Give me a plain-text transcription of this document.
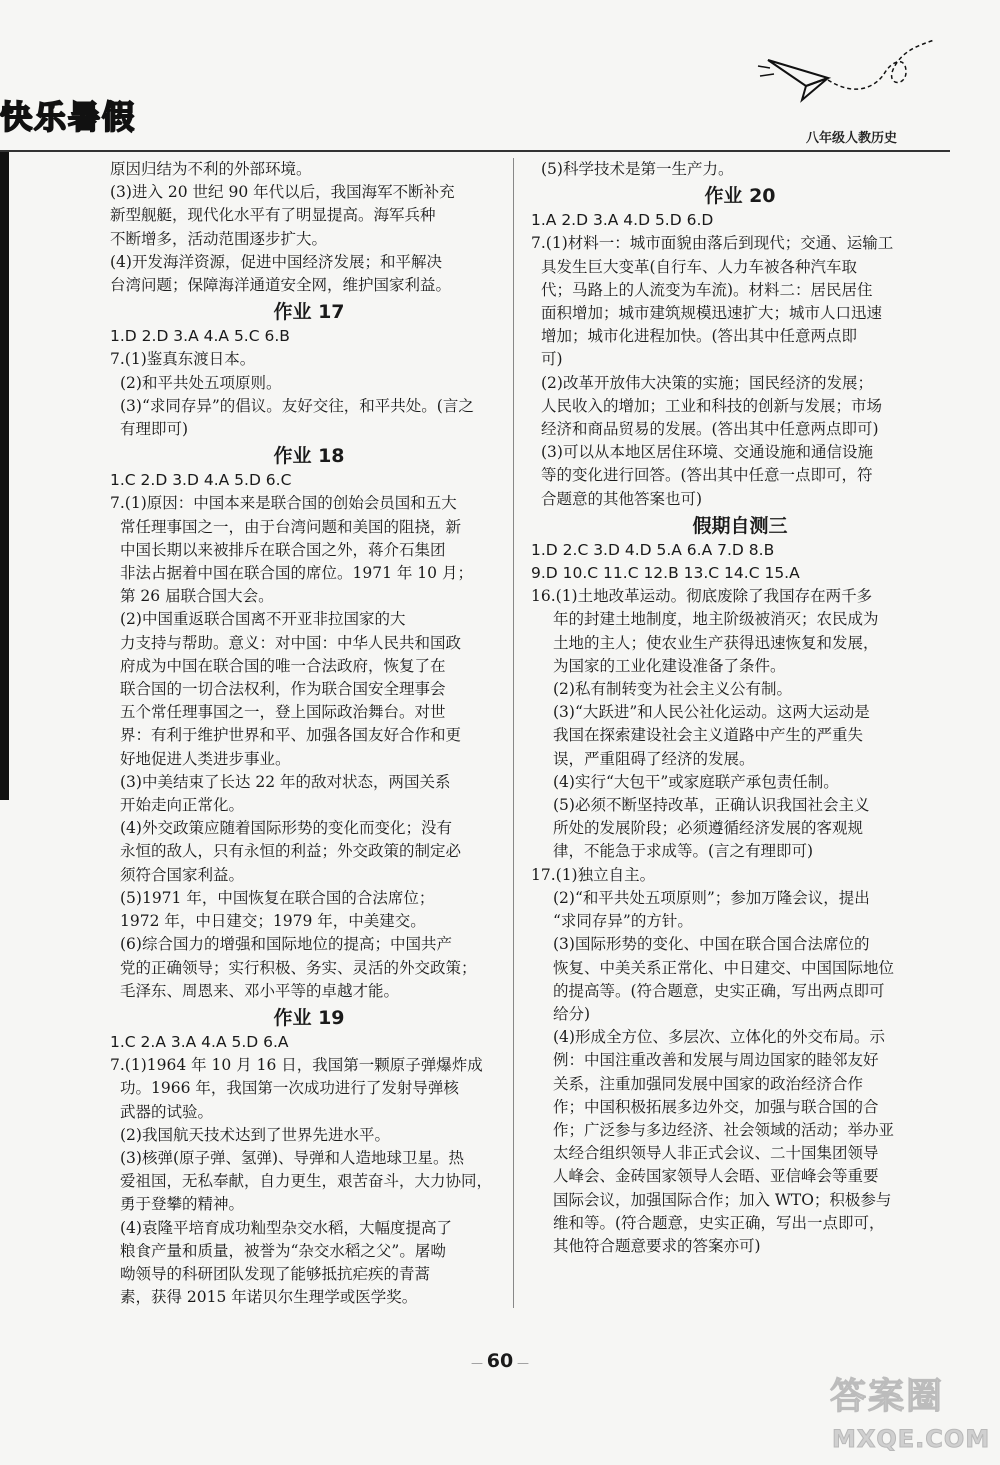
快乐暑假
八年级人教历史

原因归结为不利的外部环境。

(3)进入 20 世纪 90 年代以后，我国海军不断补充

新型舰艇，现代化水平有了明显提高。海军兵种

不断增多，活动范围逐步扩大。

(4)开发海洋资源，促进中国经济发展；和平解决

台湾问题；保障海洋通道安全网，维护国家利益。

作业 17

1.D 2.D 3.A 4.A 5.C 6.B

7.(1)鉴真东渡日本。

(2)和平共处五项原则。

(3)“求同存异”的倡议。友好交往，和平共处。(言之

有理即可)

作业 18

1.C 2.D 3.D 4.A 5.D 6.C

7.(1)原因：中国本来是联合国的创始会员国和五大

常任理事国之一，由于台湾问题和美国的阻挠，新

中国长期以来被排斥在联合国之外，蒋介石集团

非法占据着中国在联合国的席位。1971 年 10 月；

第 26 届联合国大会。

(2)中国重返联合国离不开亚非拉国家的大

力支持与帮助。意义：对中国：中华人民共和国政

府成为中国在联合国的唯一合法政府，恢复了在

联合国的一切合法权利，作为联合国安全理事会

五个常任理事国之一，登上国际政治舞台。对世

界：有利于维护世界和平、加强各国友好合作和更

好地促进人类进步事业。

(3)中美结束了长达 22 年的敌对状态，两国关系

开始走向正常化。

(4)外交政策应随着国际形势的变化而变化；没有

永恒的敌人，只有永恒的利益；外交政策的制定必

须符合国家利益。

(5)1971 年，中国恢复在联合国的合法席位；

1972 年，中日建交；1979 年，中美建交。

(6)综合国力的增强和国际地位的提高；中国共产

党的正确领导；实行积极、务实、灵活的外交政策；

毛泽东、周恩来、邓小平等的卓越才能。

作业 19

1.C 2.A 3.A 4.A 5.D 6.A

7.(1)1964 年 10 月 16 日，我国第一颗原子弹爆炸成

功。1966 年，我国第一次成功进行了发射导弹核

武器的试验。

(2)我国航天技术达到了世界先进水平。

(3)核弹(原子弹、氢弹)、导弹和人造地球卫星。热

爱祖国，无私奉献，自力更生，艰苦奋斗，大力协同，

勇于登攀的精神。

(4)袁隆平培育成功籼型杂交水稻，大幅度提高了

粮食产量和质量，被誉为“杂交水稻之父”。屠呦

呦领导的科研团队发现了能够抵抗疟疾的青蒿

素，获得 2015 年诺贝尔生理学或医学奖。

(5)科学技术是第一生产力。

作业 20

1.A 2.D 3.A 4.D 5.D 6.D

7.(1)材料一：城市面貌由落后到现代；交通、运输工

具发生巨大变革(自行车、人力车被各种汽车取

代；马路上的人流变为车流)。材料二：居民居住

面积增加；城市建筑规模迅速扩大；城市人口迅速

增加；城市化进程加快。(答出其中任意两点即

可)

(2)改革开放伟大决策的实施；国民经济的发展；

人民收入的增加；工业和科技的创新与发展；市场

经济和商品贸易的发展。(答出其中任意两点即可)

(3)可以从本地区居住环境、交通设施和通信设施

等的变化进行回答。(答出其中任意一点即可，符

合题意的其他答案也可)

假期自测三

1.D 2.C 3.D 4.D 5.A 6.A 7.D 8.B

9.D 10.C 11.C 12.B 13.C 14.C 15.A

16.(1)土地改革运动。彻底废除了我国存在两千多

年的封建土地制度，地主阶级被消灭；农民成为

土地的主人；使农业生产获得迅速恢复和发展，

为国家的工业化建设准备了条件。

(2)私有制转变为社会主义公有制。

(3)“大跃进”和人民公社化运动。这两大运动是

我国在探索建设社会主义道路中产生的严重失

误，严重阻碍了经济的发展。

(4)实行“大包干”或家庭联产承包责任制。

(5)必须不断坚持改革，正确认识我国社会主义

所处的发展阶段；必须遵循经济发展的客观规

律，不能急于求成等。(言之有理即可)

17.(1)独立自主。

(2)“和平共处五项原则”；参加万隆会议，提出

“求同存异”的方针。

(3)国际形势的变化、中国在联合国合法席位的

恢复、中美关系正常化、中日建交、中国国际地位

的提高等。(符合题意，史实正确，写出两点即可

给分)

(4)形成全方位、多层次、立体化的外交布局。示

例：中国注重改善和发展与周边国家的睦邻友好

关系，注重加强同发展中国家的政治经济合作

作；中国积极拓展多边外交，加强与联合国的合

作；广泛参与多边经济、社会领域的活动；举办亚

太经合组织领导人非正式会议、二十国集团领导

人峰会、金砖国家领导人会晤、亚信峰会等重要

国际会议，加强国际合作；加入 WTO；积极参与

维和等。(符合题意，史实正确，写出一点即可，

其他符合题意要求的答案亦可)

— 60 —
答案圈
MXQE.COM
